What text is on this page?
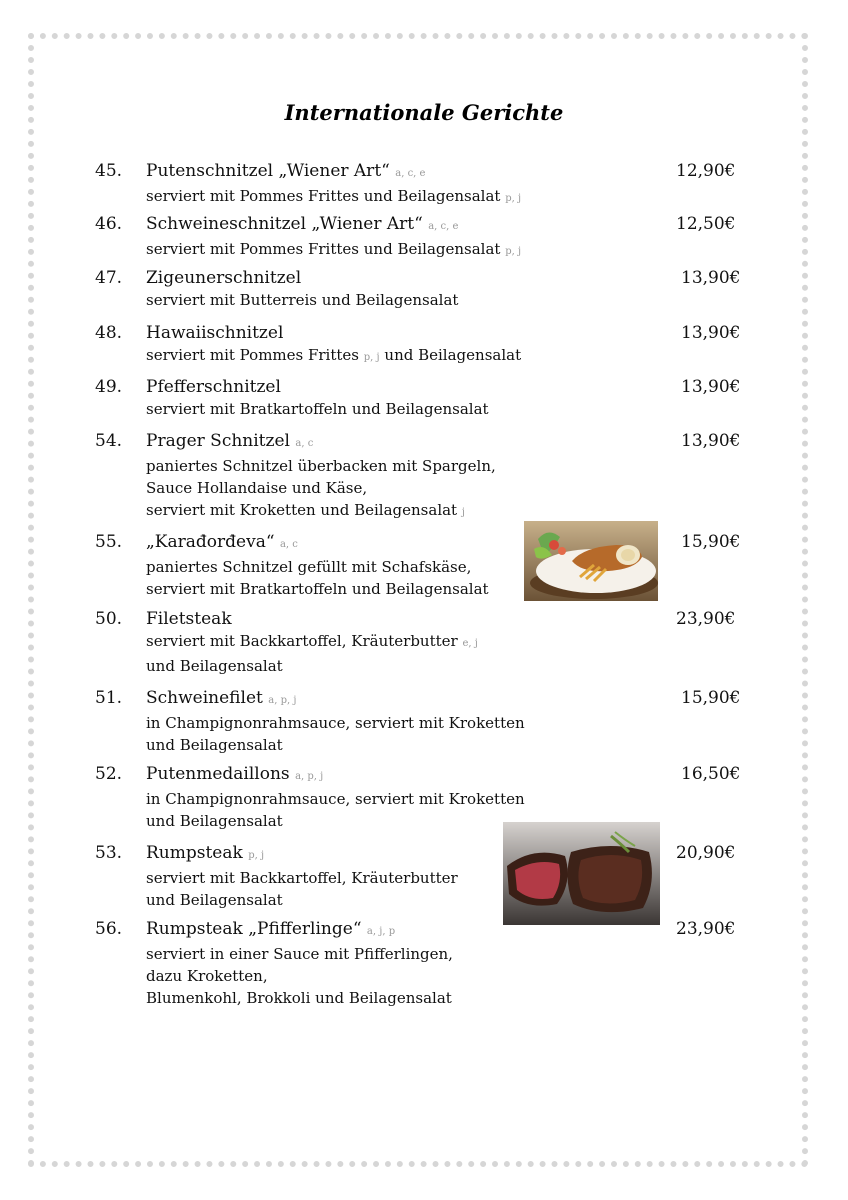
Internationale Gerichte
45. Putenschnitzel „Wiener Art“ a, c, e
serviert mit Pommes Frittes und Beilagensalat p, j
12,90€
46. Schweineschnitzel „Wiener Art“ a, c, e
serviert mit Pommes Frittes und Beilagensalat p, j
12,50€
47. Zigeunerschnitzel
serviert mit Butterreis und Beilagensalat
13,90€
48. Hawaiischnitzel
serviert mit Pommes Frittes p, j und Beilagensalat
13,90€
49. Pfefferschnitzel
serviert mit Bratkartoffeln und Beilagensalat
13,90€
54. Prager Schnitzel a, c
paniertes Schnitzel überbacken mit Spargeln,
Sauce Hollandaise und Käse,
serviert mit Kroketten und Beilagensalat j
13,90€
55. „Karađorđeva“ a, c
paniertes Schnitzel gefüllt mit Schafskäse,
serviert mit Bratkartoffeln und Beilagensalat
15,90€
50. Filetsteak
serviert mit Backkartoffel, Kräuterbutter e, j
und Beilagensalat
23,90€
51. Schweinefilet a, p, j
in Champignonrahmsauce, serviert mit Kroketten
und Beilagensalat
15,90€
52. Putenmedaillons a, p, j
in Champignonrahmsauce, serviert mit Kroketten
und Beilagensalat
16,50€
53. Rumpsteak p, j
serviert mit Backkartoffel, Kräuterbutter
und Beilagensalat
20,90€
56. Rumpsteak „Pfifferlinge“ a, j, p
serviert in einer Sauce mit Pfifferlingen,
dazu Kroketten,
Blumenkohl, Brokkoli und Beilagensalat
23,90€
